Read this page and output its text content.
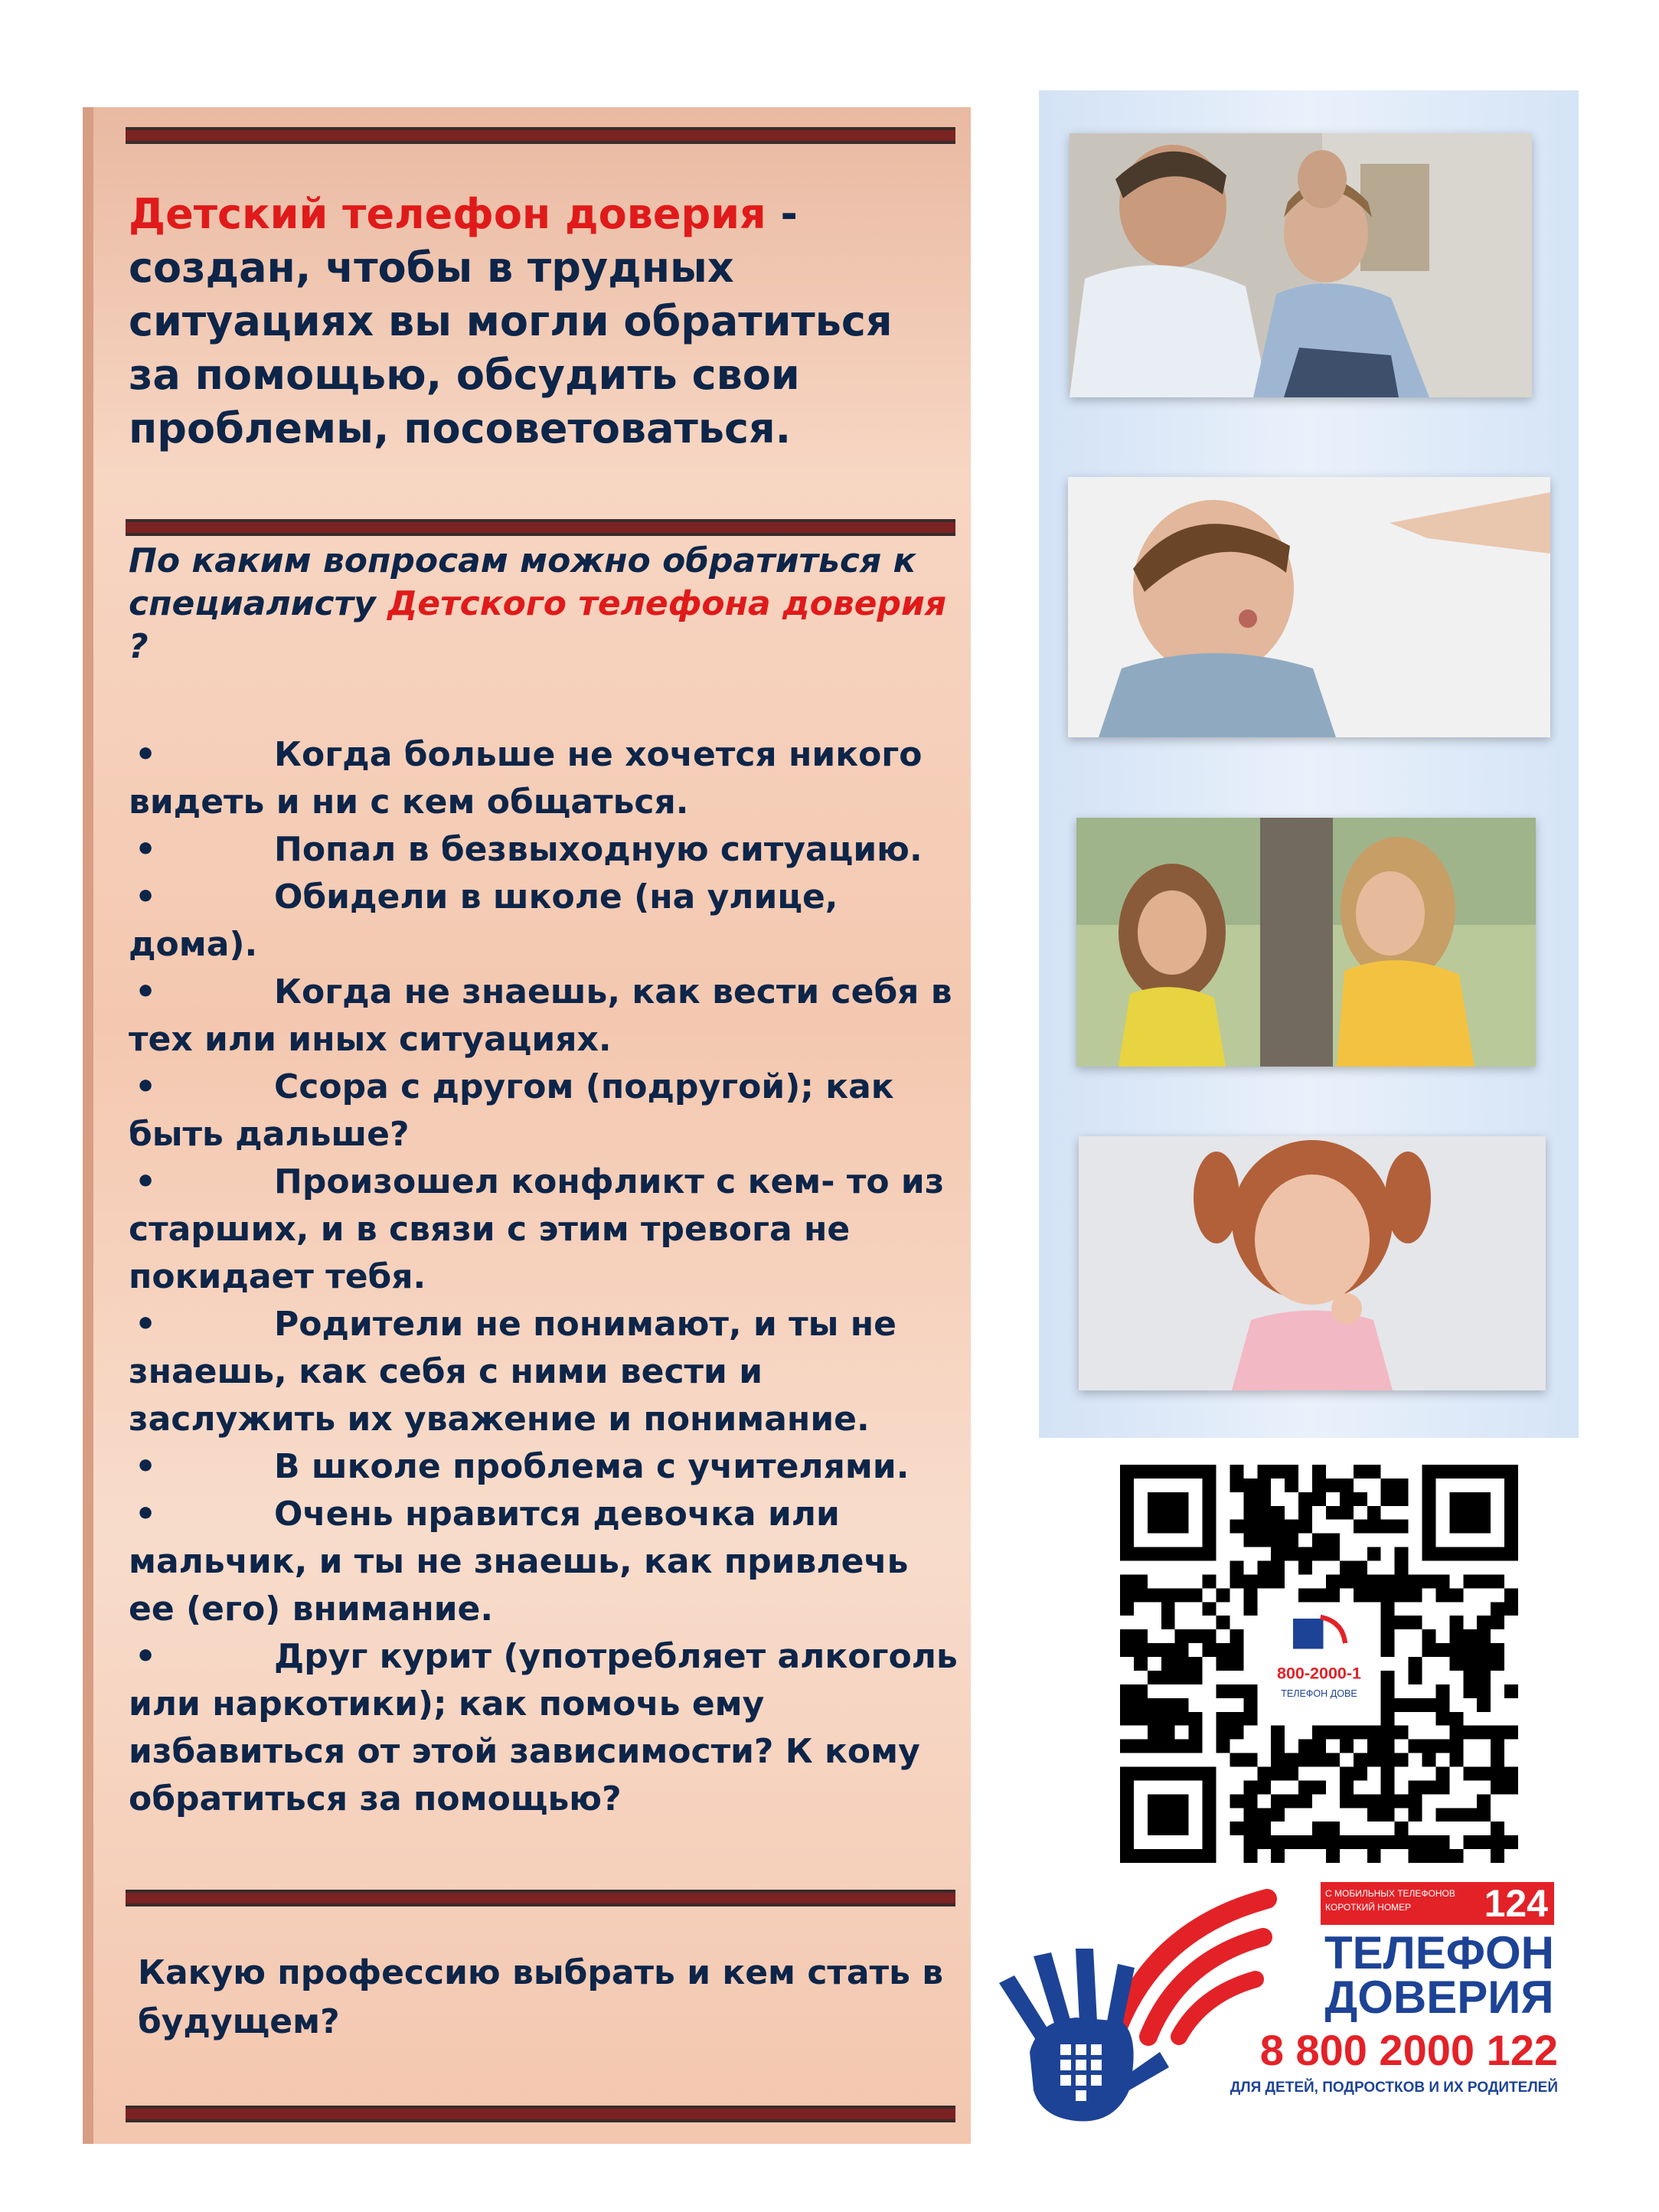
Детский телефон доверия - создан, чтобы в трудных ситуациях вы могли обратиться за помощью, обсудить свои проблемы, посоветоваться.
По каким вопросам можно обратиться к специалисту Детского телефона доверия ?
•	Когда больше не хочется никого видеть и ни с кем общаться.
•	Попал в безвыходную ситуацию.
•	Обидели в школе (на улице, дома).
•	Когда не знаешь, как вести себя в тех или иных ситуациях.
•	Ссора с другом (подругой); как быть дальше?
•	Произошел конфликт с кем- то из старших, и в связи с этим тревога не покидает тебя.
•	Родители не понимают, и ты не знаешь, как себя с ними вести и заслужить их уважение и понимание.
•	В школе проблема с учителями.
•	Очень нравится девочка или мальчик, и ты не знаешь, как привлечь ее (его) внимание.
•	Друг курит (употребляет алкоголь или наркотики); как помочь ему избавиться от этой зависимости? К кому обратиться за помощью?
Какую профессию выбрать и кем стать в будущем?
800-2000-1
С МОБИЛЬНЫХ ТЕЛЕФОНОВ КОРОТКИЙ НОМЕР	124
ТЕЛЕФОН
ДОВЕРИЯ
8 800 2000 122
ДЛЯ ДЕТЕЙ, ПОДРОСТКОВ И ИХ РОДИТЕЛЕЙ
